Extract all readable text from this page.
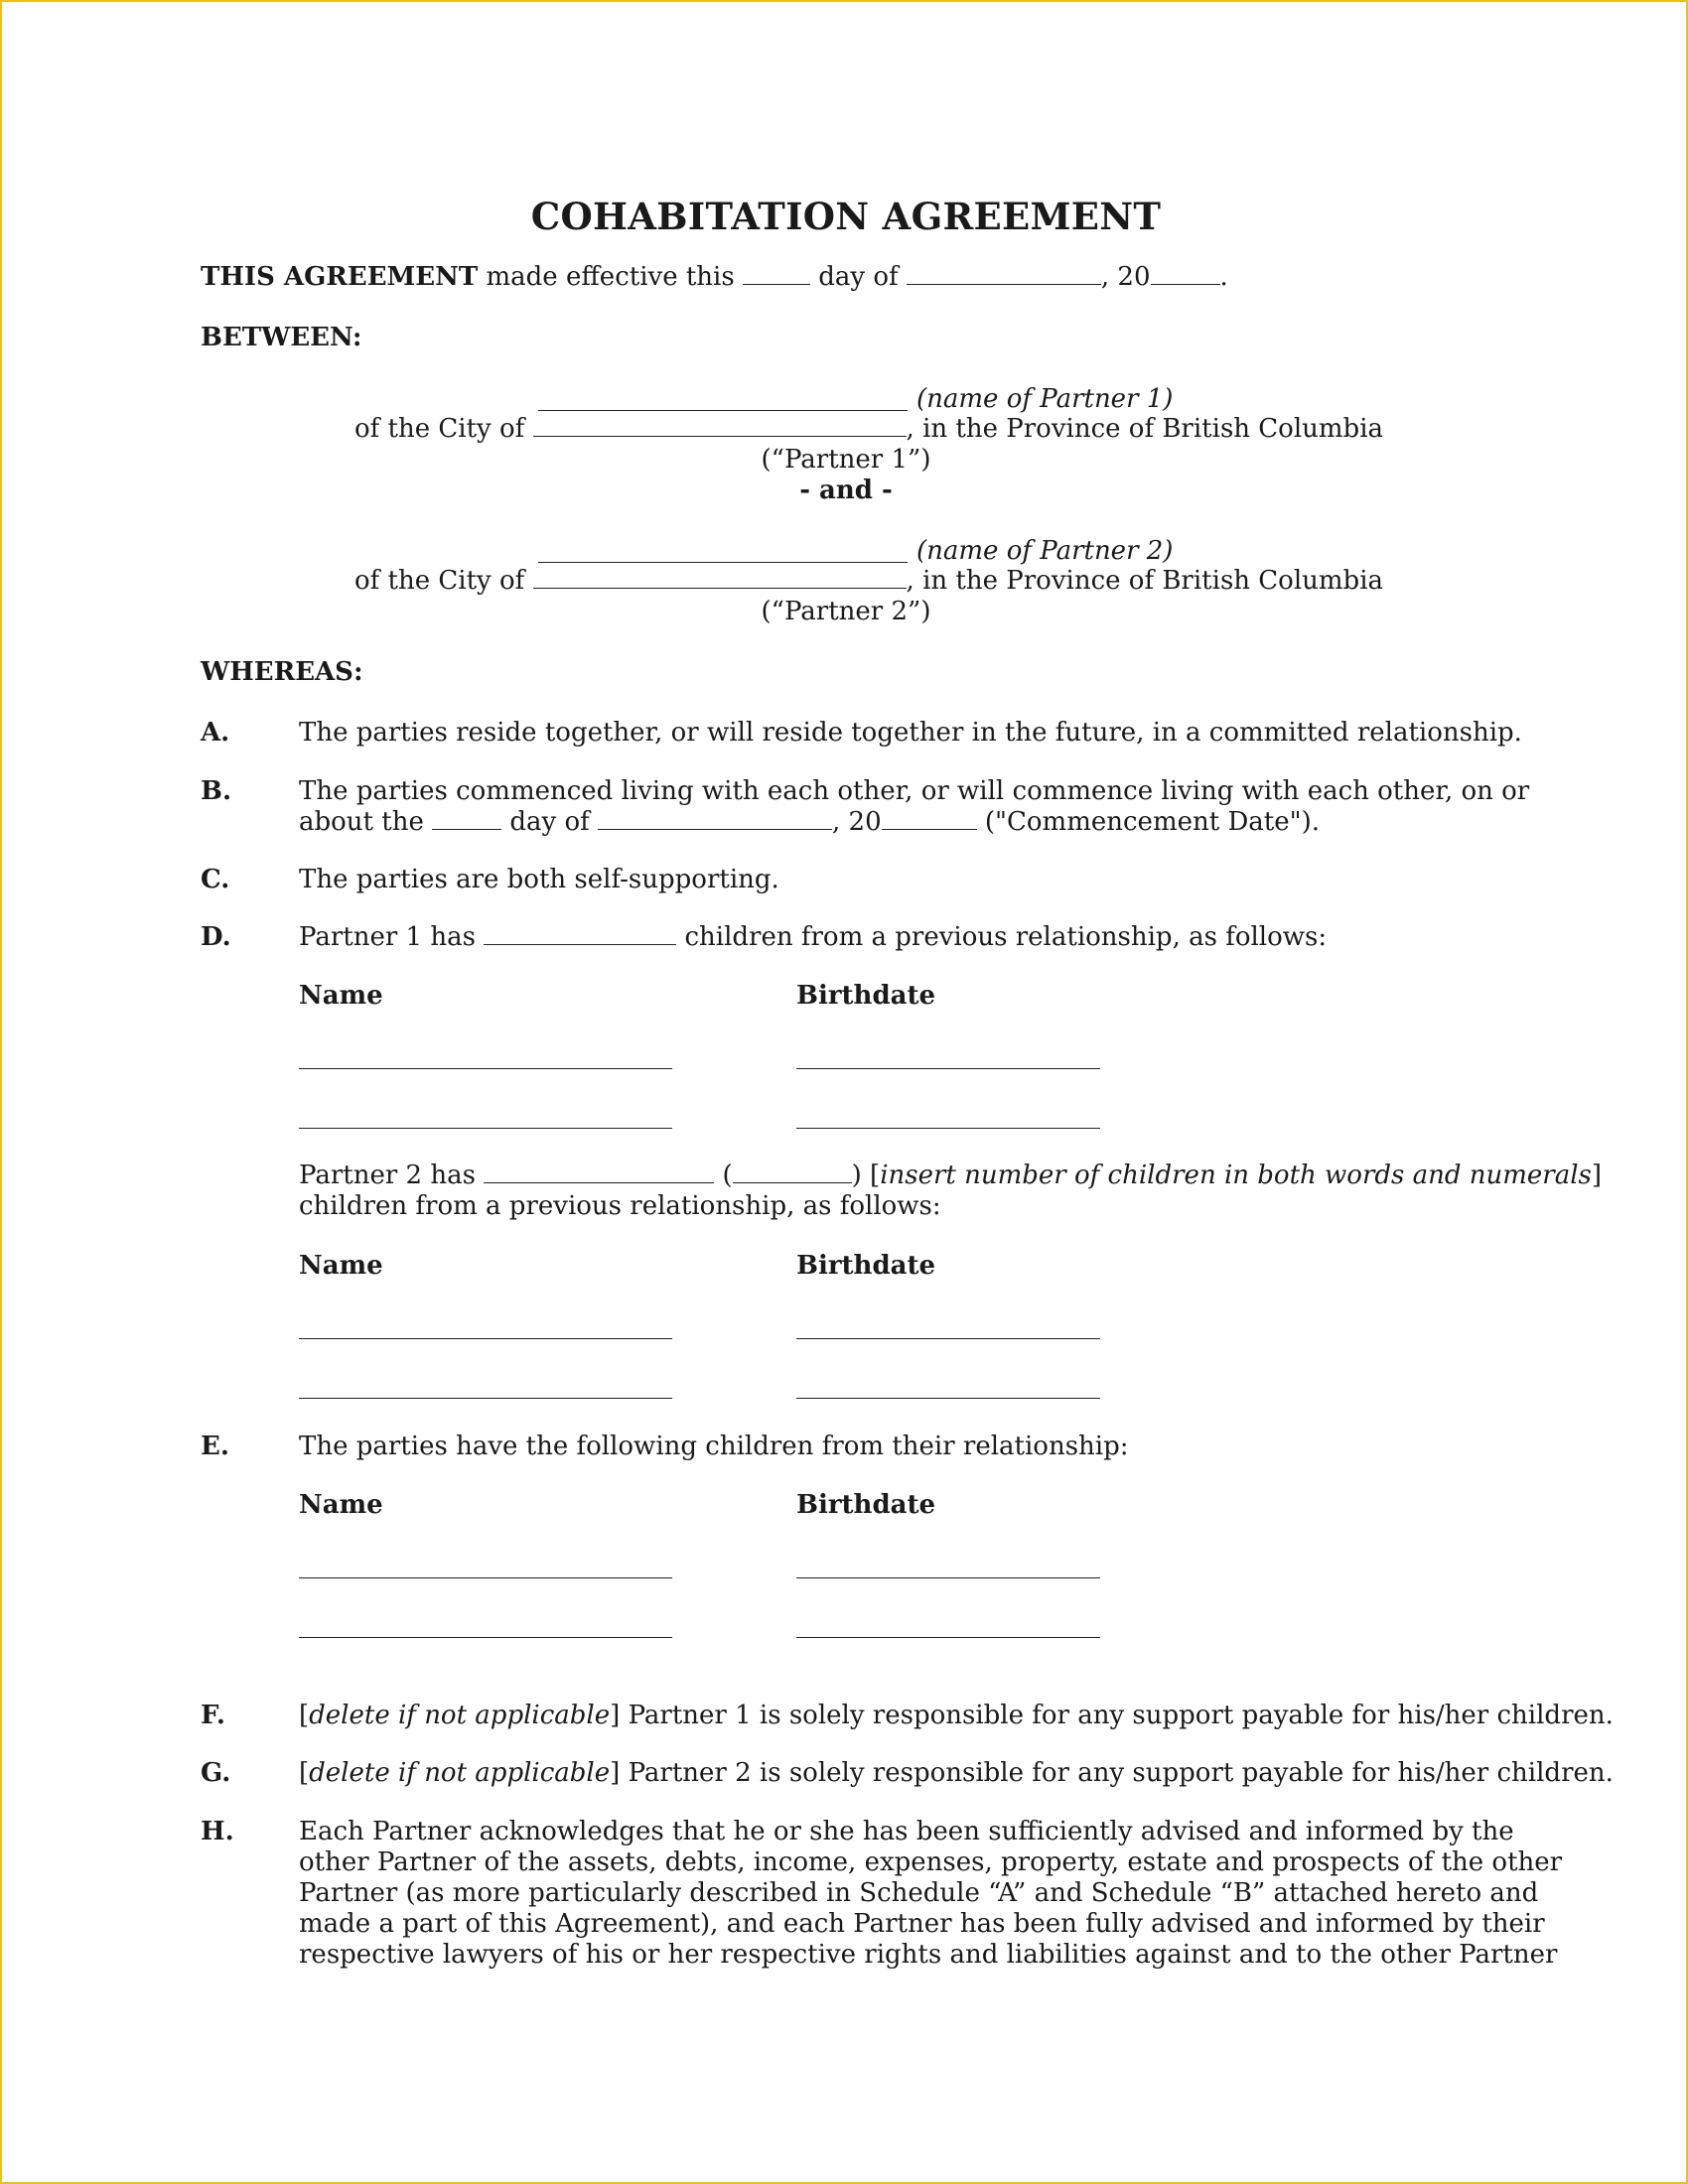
COHABITATION AGREEMENT
THIS AGREEMENT made effective this	day of	, 20	.
BETWEEN:
(name of Partner 1)
of the City of	, in the Province of British Columbia
(“Partner 1”)
- and -
(name of Partner 2)
of the City of	, in the Province of British Columbia
(“Partner 2”)
WHEREAS:
A.	The parties reside together, or will reside together in the future, in a committed relationship.
B.	The parties commenced living with each other, or will commence living with each other, on or
about the	day of	, 20	("Commencement Date").
C.	The parties are both self-supporting.
D.	Partner 1 has	children from a previous relationship, as follows:
Name	Birthdate
Partner 2 has	(	) [insert number of children in both words and numerals]
children from a previous relationship, as follows:
Name	Birthdate
E.	The parties have the following children from their relationship:
Name	Birthdate
F.	[delete if not applicable] Partner 1 is solely responsible for any support payable for his/her children.
G.	[delete if not applicable] Partner 2 is solely responsible for any support payable for his/her children.
H.	Each Partner acknowledges that he or she has been sufficiently advised and informed by the
other Partner of the assets, debts, income, expenses, property, estate and prospects of the other
Partner (as more particularly described in Schedule “A” and Schedule “B” attached hereto and
made a part of this Agreement), and each Partner has been fully advised and informed by their
respective lawyers of his or her respective rights and liabilities against and to the other Partner
